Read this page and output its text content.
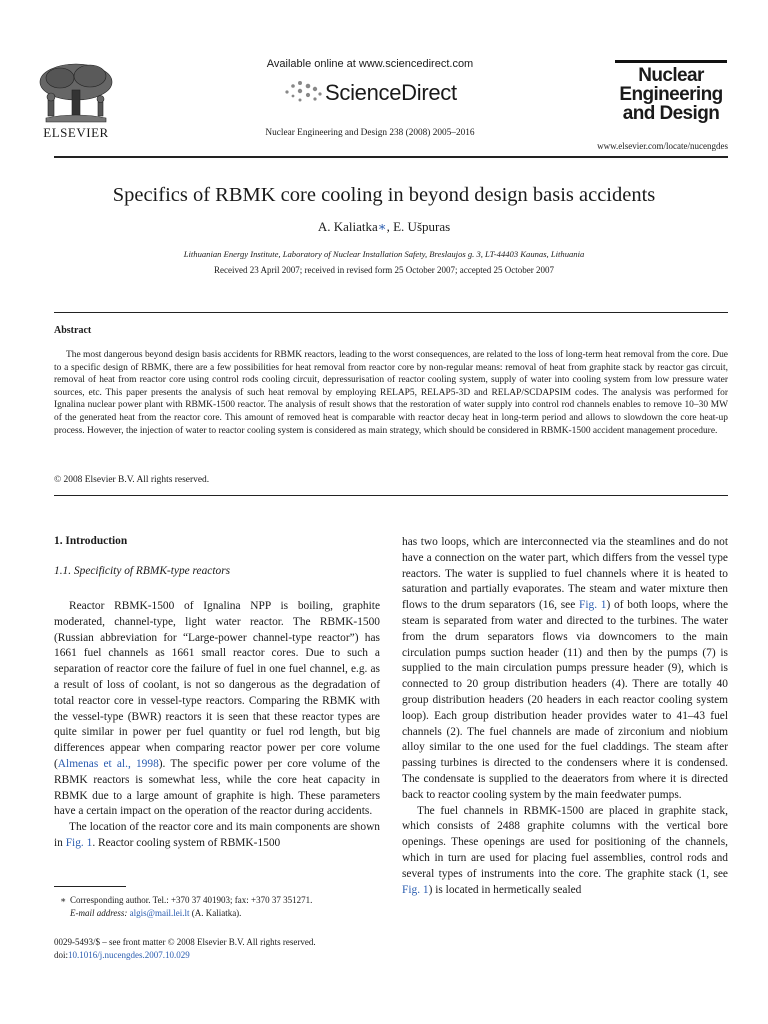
ELSEVIER
Available online at www.sciencedirect.com
ScienceDirect
Nuclear Engineering and Design 238 (2008) 2005–2016
Nuclear
Engineering
and Design
www.elsevier.com/locate/nucengdes
Specifics of RBMK core cooling in beyond design basis accidents
A. Kaliatka∗, E. Ušpuras
Lithuanian Energy Institute, Laboratory of Nuclear Installation Safety, Breslaujos g. 3, LT-44403 Kaunas, Lithuania
Received 23 April 2007; received in revised form 25 October 2007; accepted 25 October 2007
Abstract
The most dangerous beyond design basis accidents for RBMK reactors, leading to the worst consequences, are related to the loss of long-term heat removal from the core. Due to a specific design of RBMK, there are a few possibilities for heat removal from reactor core by non-regular means: removal of heat from graphite stack by reactor gas circuit, removal of heat from reactor core using control rods cooling circuit, depressurisation of reactor cooling system, supply of water into cooling system from low pressure water sources, etc. This paper presents the analysis of such heat removal by employing RELAP5, RELAP5-3D and RELAP/SCDAPSIM codes. The analysis was performed for Ignalina nuclear power plant with RBMK-1500 reactor. The analysis of result shows that the restoration of water supply into control rod channels enables to remove 10–30 MW of the generated heat from the reactor core. This amount of removed heat is comparable with reactor decay heat in long-term period and allows to slowdown the core heat-up process. However, the injection of water to reactor cooling system is considered as main strategy, which should be considered in RBMK-1500 accident management procedure.
© 2008 Elsevier B.V. All rights reserved.
1. Introduction
1.1. Specificity of RBMK-type reactors

Reactor RBMK-1500 of Ignalina NPP is boiling, graphite moderated, channel-type, light water reactor. The RBMK-1500 (Russian abbreviation for “Large-power channel-type reactor”) has 1661 fuel channels as 1661 small reactor cores. Due to such a separation of reactor core the failure of fuel in one fuel channel, e.g. as a result of loss of coolant, is not so dangerous as the degradation of total reactor core in vessel-type reactors. Comparing the RBMK with the vessel-type (BWR) reactors it is seen that these reactor types are quite similar in power per fuel quantity or fuel rod length, but big differences appear when comparing reactor power per core volume (Almenas et al., 1998). The specific power per core volume of the RBMK reactors is somewhat less, while the core heat capacity in RBMK due to a large amount of graphite is high. These parameters have a certain impact on the operation of the reactor during accidents.

The location of the reactor core and its main components are shown in Fig. 1. Reactor cooling system of RBMK-1500

has two loops, which are interconnected via the steamlines and do not have a connection on the water part, which differs from the vessel type reactors. The water is supplied to fuel channels where it is heated to saturation and partially evaporates. The steam and water mixture then flows to the drum separators (16, see Fig. 1) of both loops, where the steam is separated from water and directed to the turbines. The water from the drum separators flows via downcomers to the main circulation pumps suction header (11) and then by the pumps (7) is supplied to the main circulation pumps pressure header (9), which is connected to 20 group distribution headers (4). There are totally 40 group distribution headers (20 headers in each reactor cooling system loop). Each group distribution header provides water to 41–43 fuel channels (2). The fuel channels are made of zirconium and niobium alloy similar to the one used for the fuel claddings. The steam after passing turbines is directed to the condensers where it is condensed. The condensate is supplied to the deaerators from where it is directed back to reactor cooling system by the main feedwater pumps.

The fuel channels in RBMK-1500 are placed in graphite stack, which consists of 2488 graphite columns with the vertical bore openings. These openings are used for positioning of the channels, which in turn are used for placing fuel assemblies, control rods and several types of instruments into the core. The graphite stack (1, see Fig. 1) is located in hermetically sealed

∗ Corresponding author. Tel.: +370 37 401903; fax: +370 37 351271.
E-mail address: algis@mail.lei.lt (A. Kaliatka).
0029-5493/$ – see front matter © 2008 Elsevier B.V. All rights reserved.
doi:10.1016/j.nucengdes.2007.10.029
